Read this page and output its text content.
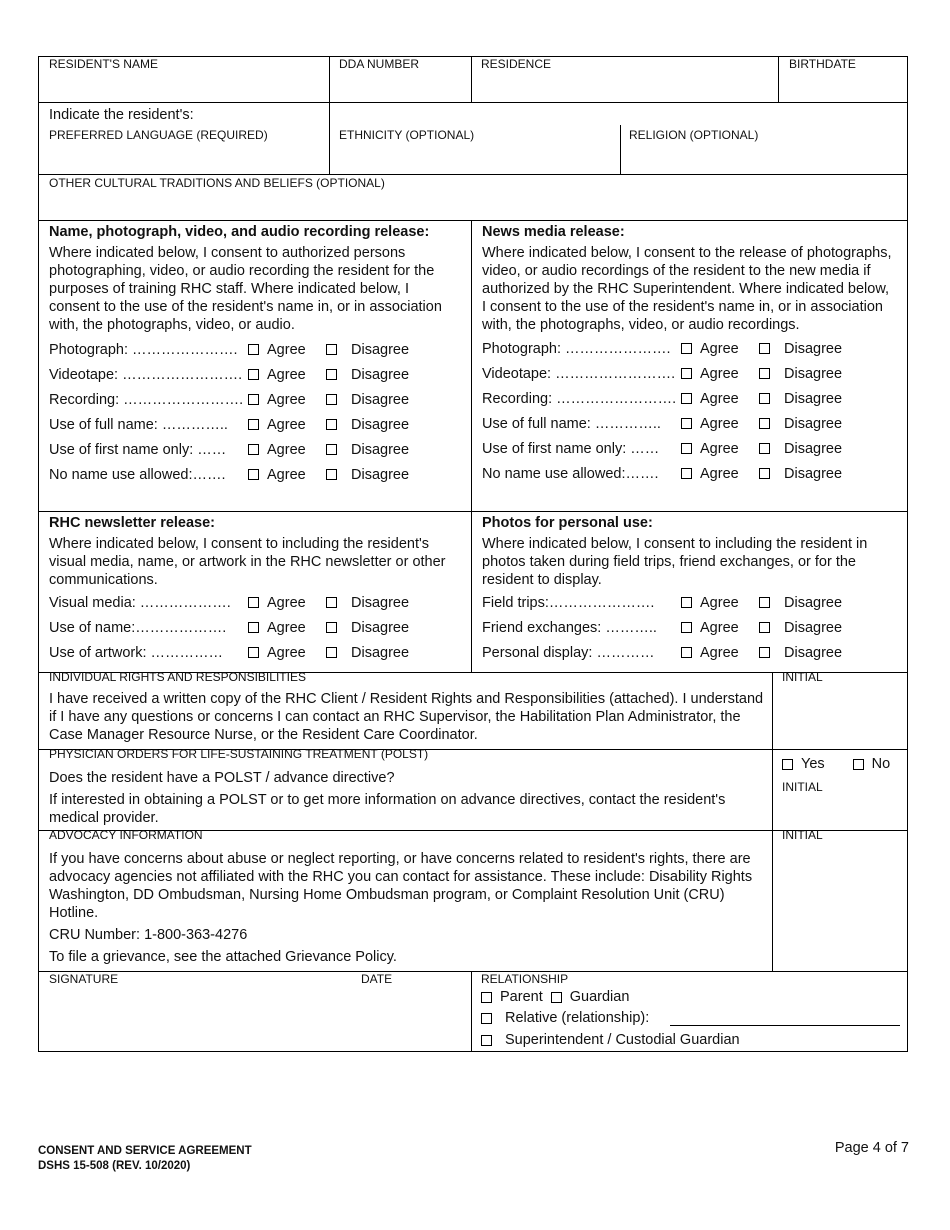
RESIDENT'S NAME	DDA NUMBER	RESIDENCE	BIRTHDATE
Indicate the resident's:
PREFERRED LANGUAGE (REQUIRED)	ETHNICITY (OPTIONAL)	RELIGION (OPTIONAL)
OTHER CULTURAL TRADITIONS AND BELIEFS (OPTIONAL)

Name, photograph, video, and audio recording release:

Where indicated below, I consent to authorized persons photographing, video, or audio recording the resident for the purposes of training RHC staff. Where indicated below, I consent to the use of the resident's name in, or in association with, the photographs, video, or audio.

Photograph: ………………….	Agree	Disagree
Videotape: ……………………. Agree	Disagree
Recording: ……………………. Agree	Disagree
Use of full name: …………..	Agree	Disagree
Use of first name only: ……	Agree	Disagree
No name use allowed:…….	Agree	Disagree

News media release:

Where indicated below, I consent to the release of photographs, video, or audio recordings of the resident to the new media if authorized by the RHC Superintendent. Where indicated below, I consent to the use of the resident's name in, or in association with, the photographs, video, or audio recordings.

Photograph: ………………….	Agree	Disagree
Videotape: ……………………. Agree	Disagree
Recording: ……………………. Agree	Disagree
Use of full name: …………..	Agree	Disagree
Use of first name only: ……	Agree	Disagree
No name use allowed:…….	Agree	Disagree

RHC newsletter release:

Where indicated below, I consent to including the resident's visual media, name, or artwork in the RHC newsletter or other communications.

Visual media: ……………….	Agree	Disagree
Use of name:……………….	Agree	Disagree
Use of artwork: ……………	Agree	Disagree

Photos for personal use:

Where indicated below, I consent to including the resident in photos taken during field trips, friend exchanges, or for the resident to display.

Field trips:………………….	Agree	Disagree
Friend exchanges: ………..	Agree	Disagree
Personal display: …………	Agree	Disagree
INDIVIDUAL RIGHTS AND RESPONSIBILITIES

I have received a written copy of the RHC Client / Resident Rights and Responsibilities (attached). I understand if I have any questions or concerns I can contact an RHC Supervisor, the Habilitation Plan Administrator, the Case Manager Resource Nurse, or the Resident Care Coordinator.

INITIAL
PHYSICIAN ORDERS FOR LIFE-SUSTAINING TREATMENT (POLST)

Does the resident have a POLST / advance directive?

If interested in obtaining a POLST or to get more information on advance directives, contact the resident's medical provider.

Yes	No
INITIAL
ADVOCACY INFORMATION

If you have concerns about abuse or neglect reporting, or have concerns related to resident's rights, there are advocacy agencies not affiliated with the RHC you can contact for assistance. These include: Disability Rights Washington, DD Ombudsman, Nursing Home Ombudsman program, or Complaint Resolution Unit (CRU) Hotline.

CRU Number: 1-800-363-4276

To file a grievance, see the attached Grievance Policy.

INITIAL
SIGNATURE	DATE	RELATIONSHIP
Parent Guardian
Relative (relationship):
Superintendent / Custodial Guardian
CONSENT AND SERVICE AGREEMENT
DSHS 15-508 (REV. 10/2020)
Page 4 of 7
